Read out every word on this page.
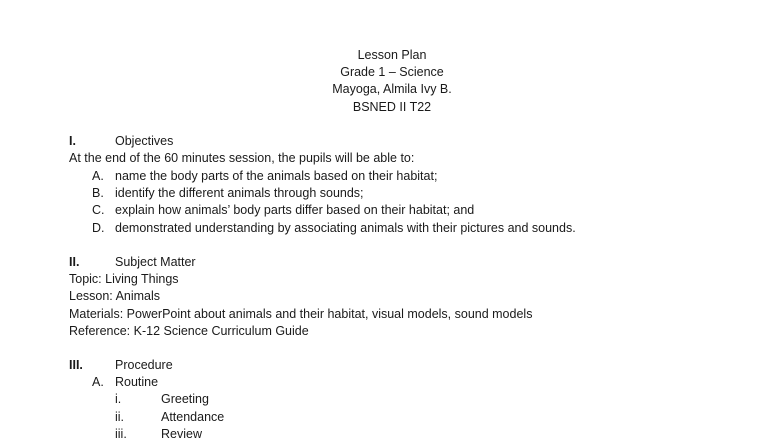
Lesson Plan
Grade 1 – Science
Mayoga, Almila Ivy B.
BSNED II T22
I.	Objectives
At the end of the 60 minutes session, the pupils will be able to:
A. name the body parts of the animals based on their habitat;
B. identify the different animals through sounds;
C. explain how animals’ body parts differ based on their habitat; and
D. demonstrated understanding by associating animals with their pictures and sounds.
II.	Subject Matter
Topic: Living Things
Lesson: Animals
Materials: PowerPoint about animals and their habitat, visual models, sound models
Reference: K-12 Science Curriculum Guide
III.	Procedure
A. Routine
i.	Greeting
ii.	Attendance
iii.	Review
